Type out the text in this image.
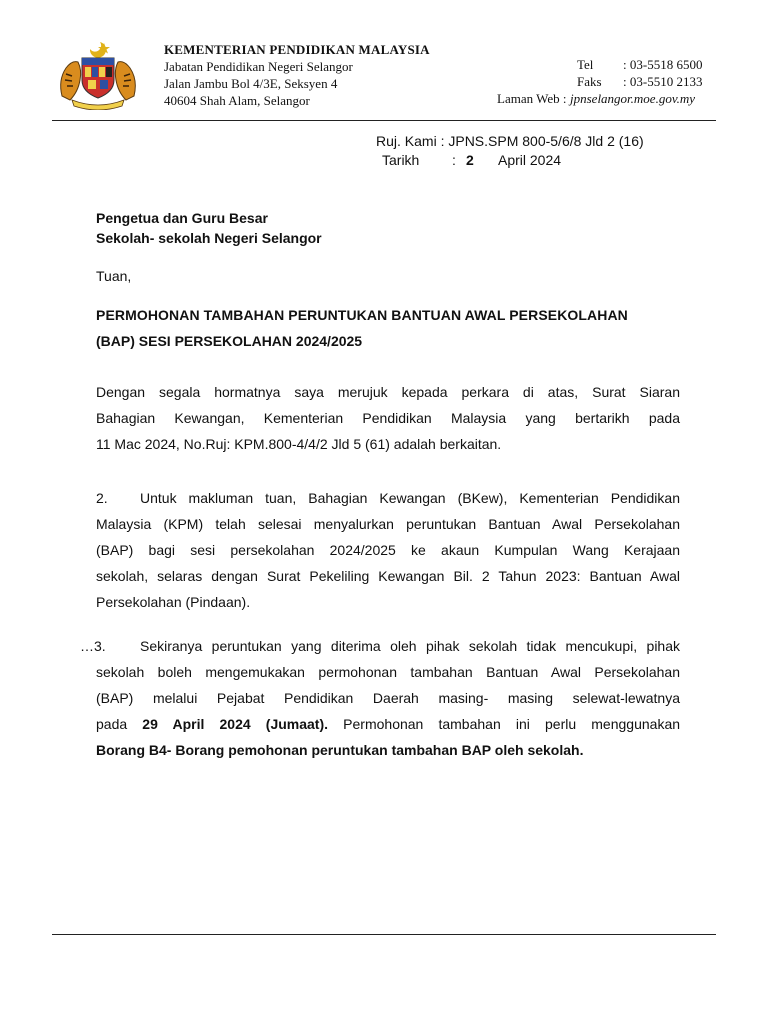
KEMENTERIAN PENDIDIKAN MALAYSIA
Jabatan Pendidikan Negeri Selangor
Jalan Jambu Bol 4/3E, Seksyen 4
40604 Shah Alam, Selangor
Tel : 03-5518 6500
Faks : 03-5510 2133
Laman Web : jpnselangor.moe.gov.my
Ruj. Kami : JPNS.SPM 800-5/6/8 Jld 2 (16)
Tarikh : 2 April 2024
Pengetua dan Guru Besar
Sekolah- sekolah Negeri Selangor
Tuan,
PERMOHONAN TAMBAHAN PERUNTUKAN BANTUAN AWAL PERSEKOLAHAN
(BAP) SESI PERSEKOLAHAN 2024/2025
Dengan segala hormatnya saya merujuk kepada perkara di atas, Surat Siaran
Bahagian Kewangan, Kementerian Pendidikan Malaysia yang bertarikh pada
11 Mac 2024, No.Ruj: KPM.800-4/4/2 Jld 5 (61) adalah berkaitan.
2.	Untuk makluman tuan, Bahagian Kewangan (BKew), Kementerian Pendidikan
Malaysia (KPM) telah selesai menyalurkan peruntukan Bantuan Awal Persekolahan
(BAP) bagi sesi persekolahan 2024/2025 ke akaun Kumpulan Wang Kerajaan
sekolah, selaras dengan Surat Pekeliling Kewangan Bil. 2 Tahun 2023: Bantuan Awal
Persekolahan (Pindaan).
…3.	Sekiranya peruntukan yang diterima oleh pihak sekolah tidak mencukupi, pihak
sekolah boleh mengemukakan permohonan tambahan Bantuan Awal Persekolahan
(BAP) melalui Pejabat Pendidikan Daerah masing- masing selewat-lewatnya
pada 29 April 2024 (Jumaat). Permohonan tambahan ini perlu menggunakan
Borang B4- Borang pemohonan peruntukan tambahan BAP oleh sekolah.
